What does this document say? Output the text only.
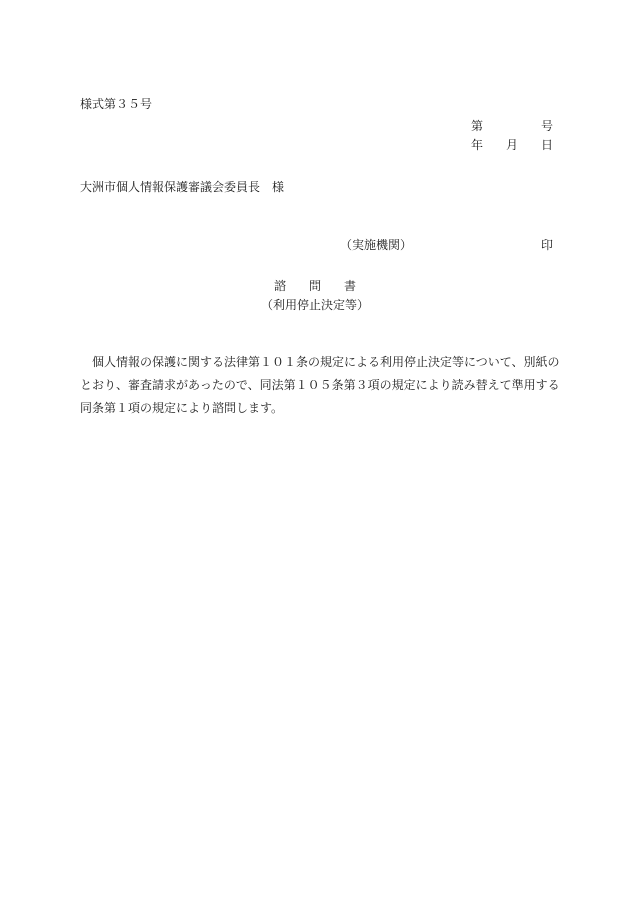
様式第３５号
第	号
年 月 日
大洲市個人情報保護審議会委員長　様
（実施機関）	印
諮 問 書
（利用停止決定等）

　個人情報の保護に関する法律第１０１条の規定による利用停止決定等について、別紙の

とおり、審査請求があったので、同法第１０５条第３項の規定により読み替えて準用する

同条第１項の規定により諮問します。
